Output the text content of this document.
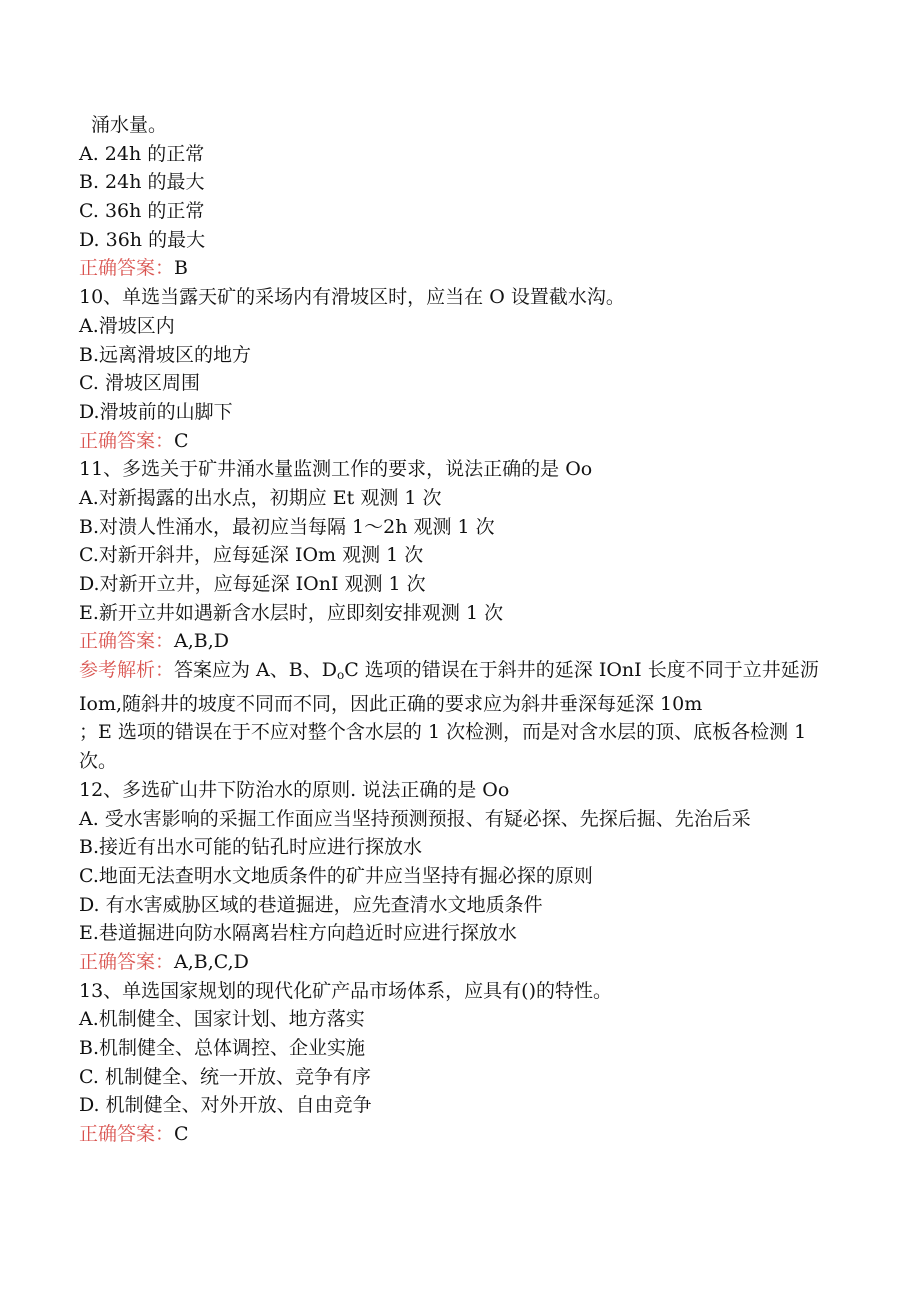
涌水量。
A. 24h 的正常
B. 24h 的最大
C. 36h 的正常
D. 36h 的最大
正确答案：B
10、单选当露天矿的采场内有滑坡区时，应当在 O 设置截水沟。
A.滑坡区内
B.远离滑坡区的地方
C. 滑坡区周围
D.滑坡前的山脚下
正确答案：C
11、多选关于矿井涌水量监测工作的要求，说法正确的是 Oo
A.对新揭露的出水点，初期应 Et 观测 1 次
B.对溃人性涌水，最初应当每隔 1～2h 观测 1 次
C.对新开斜井，应每延深 IOm 观测 1 次
D.对新开立井，应每延深 IOnI 观测 1 次
E.新开立井如遇新含水层时，应即刻安排观测 1 次
正确答案：A,B,D
参考解析：答案应为 A、B、$D_oC$ 选项的错误在于斜井的延深 IOnI 长度不同于立井延沥 Iom,随斜井的坡度不同而不同，因此正确的要求应为斜井垂深每延深 10m
；E 选项的错误在于不应对整个含水层的 1 次检测，而是对含水层的顶、底板各检测 1 次。
12、多选矿山井下防治水的原则. 说法正确的是 Oo
A. 受水害影响的采掘工作面应当坚持预测预报、有疑必探、先探后掘、先治后采
B.接近有出水可能的钻孔时应进行探放水
C.地面无法查明水文地质条件的矿井应当坚持有掘必探的原则
D. 有水害威胁区域的巷道掘进，应先查清水文地质条件
E.巷道掘进向防水隔离岩柱方向趋近时应进行探放水
正确答案：A,B,C,D
13、单选国家规划的现代化矿产品市场体系，应具有()的特性。
A.机制健全、国家计划、地方落实
B.机制健全、总体调控、企业实施
C. 机制健全、统一开放、竞争有序
D. 机制健全、对外开放、自由竞争
正确答案：C
